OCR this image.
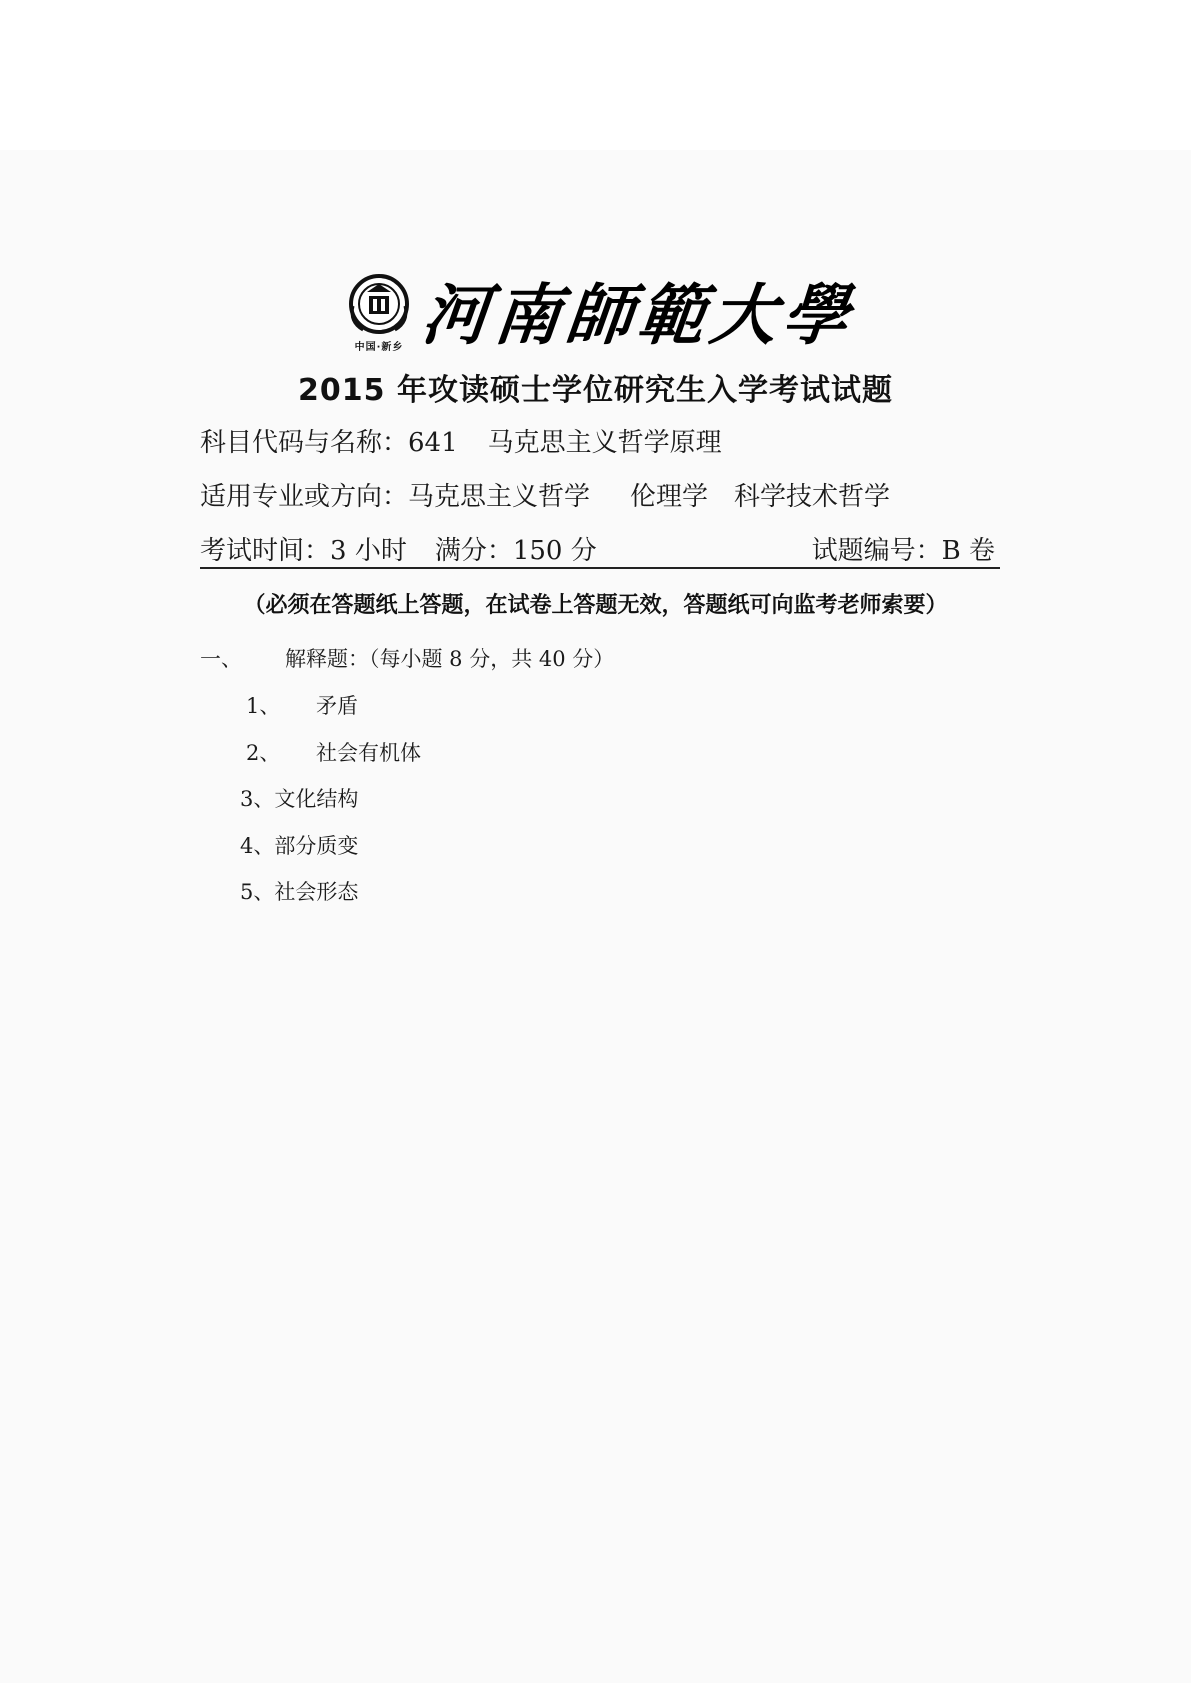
中国·新乡 河南師範大學
2015 年攻读硕士学位研究生入学考试试题
科目代码与名称：641 马克思主义哲学原理
适用专业或方向：马克思主义哲学 伦理学 科学技术哲学
考试时间：3 小时 满分：150 分	试题编号：B 卷
（必须在答题纸上答题，在试卷上答题无效，答题纸可向监考老师索要）
一、 解释题：（每小题 8 分，共 40 分）
1、 矛盾
2、 社会有机体
3、文化结构
4、部分质变
5、社会形态
